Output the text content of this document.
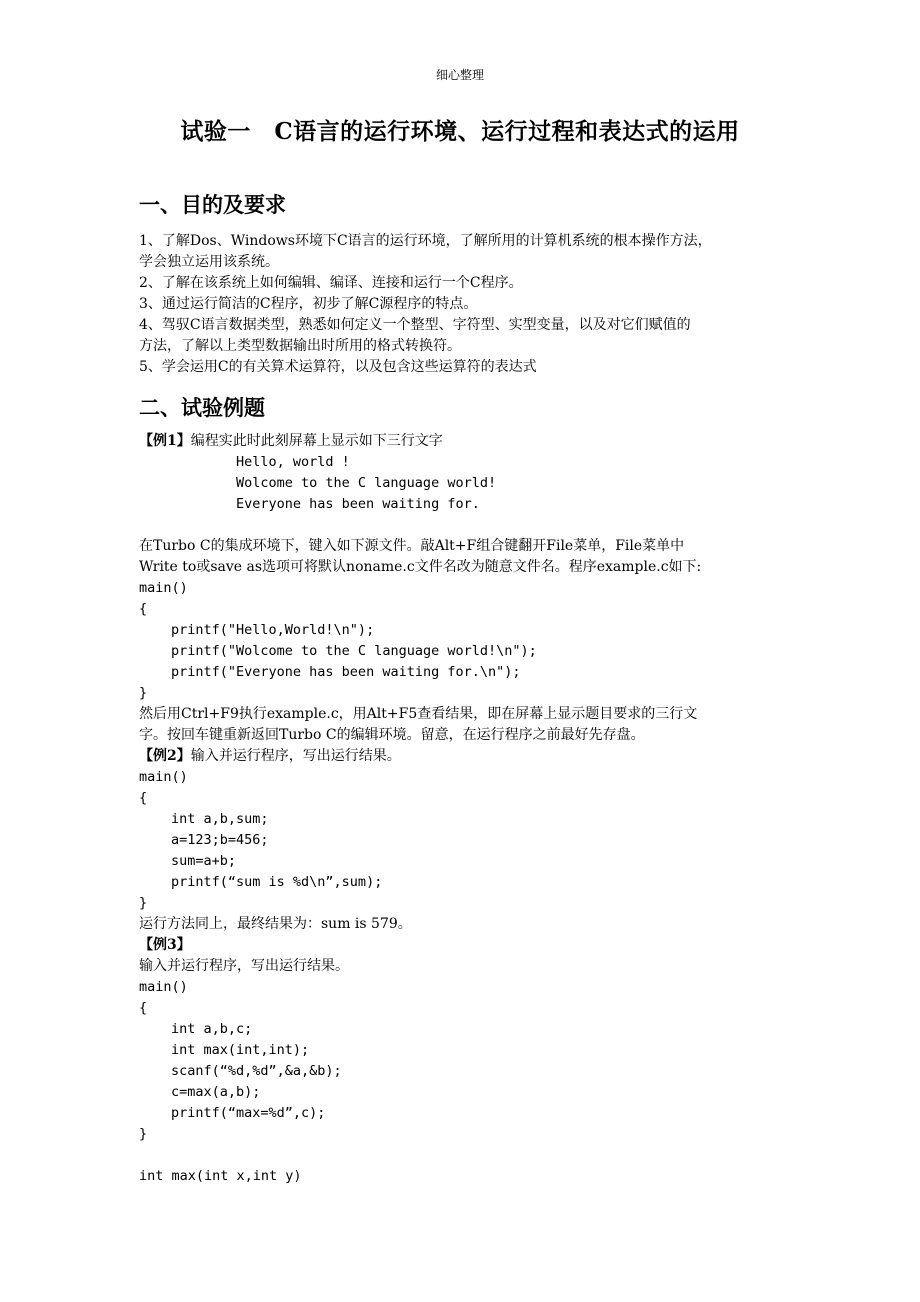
细心整理
试验一　C语言的运行环境、运行过程和表达式的运用
一、目的及要求
1、了解Dos、Windows环境下C语言的运行环境，了解所用的计算机系统的根本操作方法，
学会独立运用该系统。
2、了解在该系统上如何编辑、编译、连接和运行一个C程序。
3、通过运行简洁的C程序，初步了解C源程序的特点。
4、驾驭C语言数据类型，熟悉如何定义一个整型、字符型、实型变量，以及对它们赋值的
方法，了解以上类型数据输出时所用的格式转换符。
5、学会运用C的有关算术运算符，以及包含这些运算符的表达式
二、试验例题
【例1】编程实此时此刻屏幕上显示如下三行文字
Hello, world !
Wolcome to the C language world!
Everyone has been waiting for.
在Turbo C的集成环境下，键入如下源文件。敲Alt+F组合键翻开File菜单，File菜单中
Write to或save as选项可将默认noname.c文件名改为随意文件名。程序example.c如下:
main()
{
printf("Hello,World!\n");
printf("Wolcome to the C language world!\n");
printf("Everyone has been waiting for.\n");
}
然后用Ctrl+F9执行example.c，用Alt+F5查看结果，即在屏幕上显示题目要求的三行文
字。按回车键重新返回Turbo C的编辑环境。留意，在运行程序之前最好先存盘。
【例2】输入并运行程序，写出运行结果。
main()
{
int a,b,sum;
a=123;b=456;
sum=a+b;
printf(“sum is %d\n”,sum);
}
运行方法同上，最终结果为：sum is 579。
【例3】
输入并运行程序，写出运行结果。
main()
{
int a,b,c;
int max(int,int);
scanf(“%d,%d”,&a,&b);
c=max(a,b);
printf(“max=%d”,c);
}
int max(int x,int y)
